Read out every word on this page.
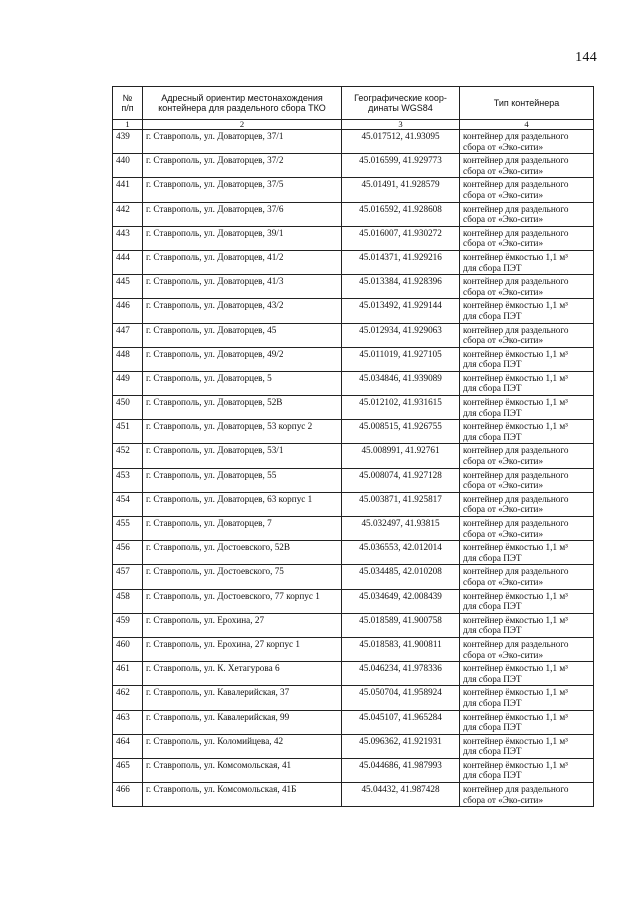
144
№
п/п	Адресный ориентир местонахождения контейнера для раздельного сбора ТКО	Географические коор-динаты WGS84	Тип контейнера
1	2	3	4
439	г. Ставрополь, ул. Доваторцев, 37/1	45.017512, 41.93095	контейнер для раздельного
сбора от «Эко-сити»
440	г. Ставрополь, ул. Доваторцев, 37/2	45.016599, 41.929773	контейнер для раздельного
сбора от «Эко-сити»
441	г. Ставрополь, ул. Доваторцев, 37/5	45.01491, 41.928579	контейнер для раздельного
сбора от «Эко-сити»
442	г. Ставрополь, ул. Доваторцев, 37/6	45.016592, 41.928608	контейнер для раздельного
сбора от «Эко-сити»
443	г. Ставрополь, ул. Доваторцев, 39/1	45.016007, 41.930272	контейнер для раздельного
сбора от «Эко-сити»
444	г. Ставрополь, ул. Доваторцев, 41/2	45.014371, 41.929216	контейнер ёмкостью 1,1 м³
для сбора ПЭТ
445	г. Ставрополь, ул. Доваторцев, 41/3	45.013384, 41.928396	контейнер для раздельного
сбора от «Эко-сити»
446	г. Ставрополь, ул. Доваторцев, 43/2	45.013492, 41.929144	контейнер ёмкостью 1,1 м³
для сбора ПЭТ
447	г. Ставрополь, ул. Доваторцев, 45	45.012934, 41.929063	контейнер для раздельного
сбора от «Эко-сити»
448	г. Ставрополь, ул. Доваторцев, 49/2	45.011019, 41.927105	контейнер ёмкостью 1,1 м³
для сбора ПЭТ
449	г. Ставрополь, ул. Доваторцев, 5	45.034846, 41.939089	контейнер ёмкостью 1,1 м³
для сбора ПЭТ
450	г. Ставрополь, ул. Доваторцев, 52В	45.012102, 41.931615	контейнер ёмкостью 1,1 м³
для сбора ПЭТ
451	г. Ставрополь, ул. Доваторцев, 53 корпус 2	45.008515, 41.926755	контейнер ёмкостью 1,1 м³
для сбора ПЭТ
452	г. Ставрополь, ул. Доваторцев, 53/1	45.008991, 41.92761	контейнер для раздельного
сбора от «Эко-сити»
453	г. Ставрополь, ул. Доваторцев, 55	45.008074, 41.927128	контейнер для раздельного
сбора от «Эко-сити»
454	г. Ставрополь, ул. Доваторцев, 63 корпус 1	45.003871, 41.925817	контейнер для раздельного
сбора от «Эко-сити»
455	г. Ставрополь, ул. Доваторцев, 7	45.032497, 41.93815	контейнер для раздельного
сбора от «Эко-сити»
456	г. Ставрополь, ул. Достоевского, 52В	45.036553, 42.012014	контейнер ёмкостью 1,1 м³
для сбора ПЭТ
457	г. Ставрополь, ул. Достоевского, 75	45.034485, 42.010208	контейнер для раздельного
сбора от «Эко-сити»
458	г. Ставрополь, ул. Достоевского, 77 корпус 1	45.034649, 42.008439	контейнер ёмкостью 1,1 м³
для сбора ПЭТ
459	г. Ставрополь, ул. Ерохина, 27	45.018589, 41.900758	контейнер ёмкостью 1,1 м³
для сбора ПЭТ
460	г. Ставрополь, ул. Ерохина, 27 корпус 1	45.018583, 41.900811	контейнер для раздельного
сбора от «Эко-сити»
461	г. Ставрополь, ул. К. Хетагурова 6	45.046234, 41.978336	контейнер ёмкостью 1,1 м³
для сбора ПЭТ
462	г. Ставрополь, ул. Кавалерийская, 37	45.050704, 41.958924	контейнер ёмкостью 1,1 м³
для сбора ПЭТ
463	г. Ставрополь, ул. Кавалерийская, 99	45.045107, 41.965284	контейнер ёмкостью 1,1 м³
для сбора ПЭТ
464	г. Ставрополь, ул. Коломийцева, 42	45.096362, 41.921931	контейнер ёмкостью 1,1 м³
для сбора ПЭТ
465	г. Ставрополь, ул. Комсомольская, 41	45.044686, 41.987993	контейнер ёмкостью 1,1 м³
для сбора ПЭТ
466	г. Ставрополь, ул. Комсомольская, 41Б	45.04432, 41.987428	контейнер для раздельного
сбора от «Эко-сити»
